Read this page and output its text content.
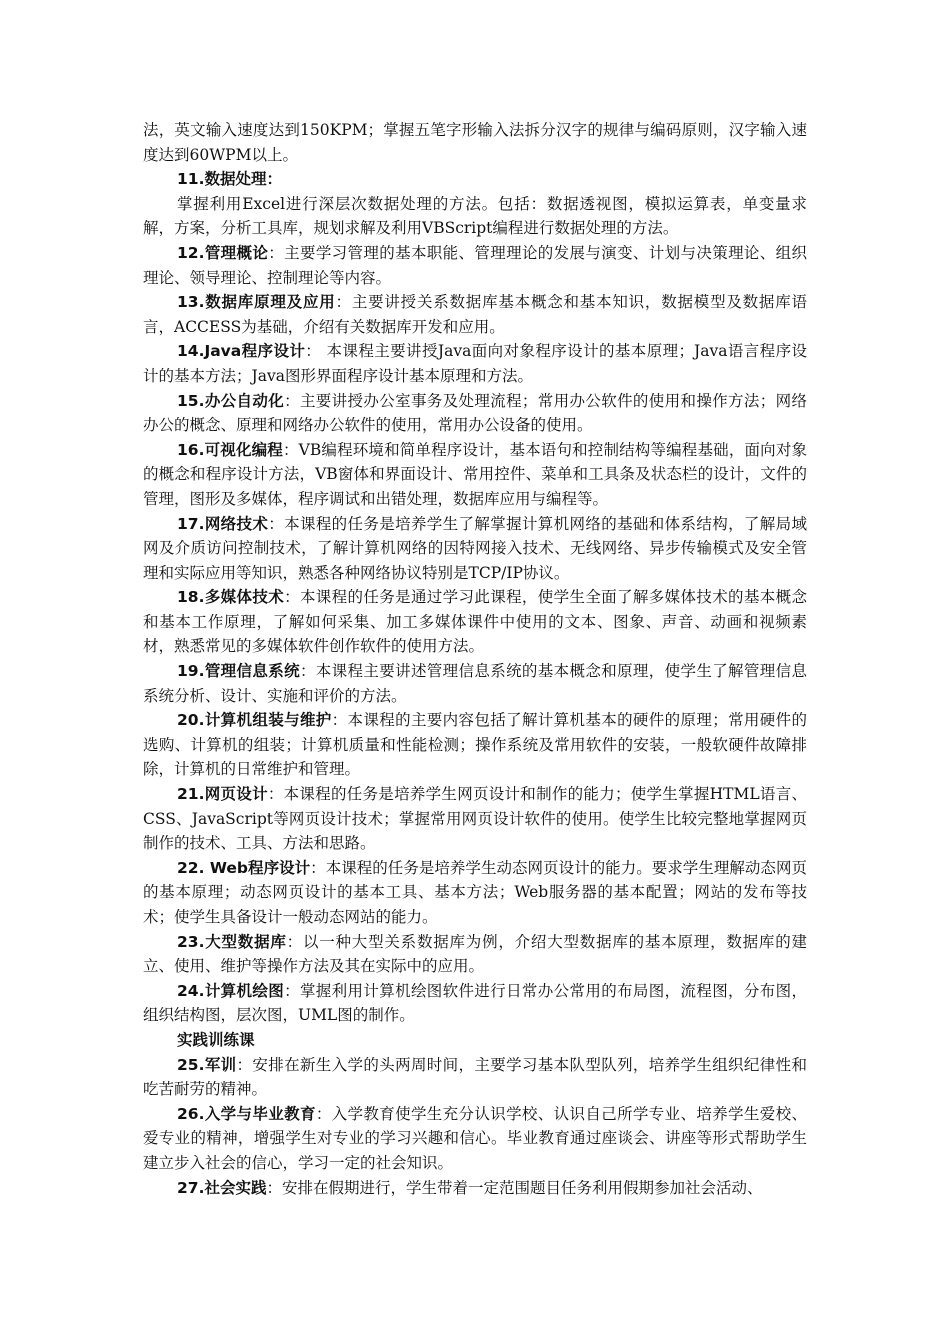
法，英文输入速度达到150KPM；掌握五笔字形输入法拆分汉字的规律与编码原则，汉字输入速度达到60WPM以上。

11.数据处理：

掌握利用Excel进行深层次数据处理的方法。包括：数据透视图，模拟运算表，单变量求解，方案，分析工具库，规划求解及利用VBScript编程进行数据处理的方法。

12.管理概论：主要学习管理的基本职能、管理理论的发展与演变、计划与决策理论、组织理论、领导理论、控制理论等内容。

13.数据库原理及应用：主要讲授关系数据库基本概念和基本知识，数据模型及数据库语言，ACCESS为基础，介绍有关数据库开发和应用。

14.Java程序设计： 本课程主要讲授Java面向对象程序设计的基本原理；Java语言程序设计的基本方法；Java图形界面程序设计基本原理和方法。

15.办公自动化：主要讲授办公室事务及处理流程；常用办公软件的使用和操作方法；网络办公的概念、原理和网络办公软件的使用，常用办公设备的使用。

16.可视化编程：VB编程环境和简单程序设计，基本语句和控制结构等编程基础，面向对象的概念和程序设计方法，VB窗体和界面设计、常用控件、菜单和工具条及状态栏的设计，文件的管理，图形及多媒体，程序调试和出错处理，数据库应用与编程等。

17.网络技术：本课程的任务是培养学生了解掌握计算机网络的基础和体系结构，了解局域网及介质访问控制技术，了解计算机网络的因特网接入技术、无线网络、异步传输模式及安全管理和实际应用等知识，熟悉各种网络协议特别是TCP/IP协议。

18.多媒体技术：本课程的任务是通过学习此课程，使学生全面了解多媒体技术的基本概念和基本工作原理，了解如何采集、加工多媒体课件中使用的文本、图象、声音、动画和视频素材，熟悉常见的多媒体软件创作软件的使用方法。

19.管理信息系统：本课程主要讲述管理信息系统的基本概念和原理，使学生了解管理信息系统分析、设计、实施和评价的方法。

20.计算机组装与维护：本课程的主要内容包括了解计算机基本的硬件的原理；常用硬件的选购、计算机的组装；计算机质量和性能检测；操作系统及常用软件的安装，一般软硬件故障排除，计算机的日常维护和管理。

21.网页设计：本课程的任务是培养学生网页设计和制作的能力；使学生掌握HTML语言、CSS、JavaScript等网页设计技术；掌握常用网页设计软件的使用。使学生比较完整地掌握网页制作的技术、工具、方法和思路。

22. Web程序设计：本课程的任务是培养学生动态网页设计的能力。要求学生理解动态网页的基本原理；动态网页设计的基本工具、基本方法；Web服务器的基本配置；网站的发布等技术；使学生具备设计一般动态网站的能力。

23.大型数据库：以一种大型关系数据库为例，介绍大型数据库的基本原理，数据库的建立、使用、维护等操作方法及其在实际中的应用。

24.计算机绘图：掌握利用计算机绘图软件进行日常办公常用的布局图，流程图，分布图，组织结构图，层次图，UML图的制作。

实践训练课

25.军训：安排在新生入学的头两周时间，主要学习基本队型队列，培养学生组织纪律性和吃苦耐劳的精神。

26.入学与毕业教育：入学教育使学生充分认识学校、认识自己所学专业、培养学生爱校、爱专业的精神，增强学生对专业的学习兴趣和信心。毕业教育通过座谈会、讲座等形式帮助学生建立步入社会的信心，学习一定的社会知识。

27.社会实践：安排在假期进行，学生带着一定范围题目任务利用假期参加社会活动、
